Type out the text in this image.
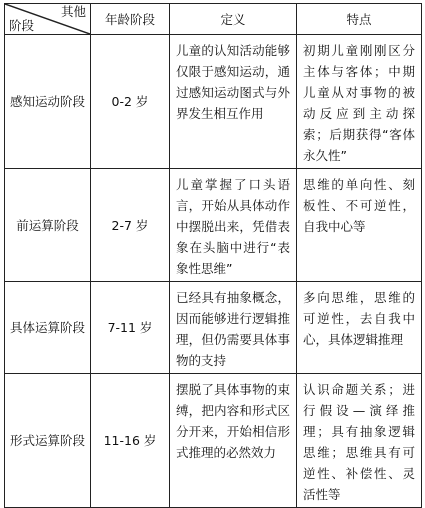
其他
阶段	年龄阶段	定义	特点
感知运动阶段	0-2 岁	儿童的认知活动能够仅限于感知运动，通过感知运动图式与外界发生相互作用	初期儿童刚刚区分主体与客体；中期儿童从对事物的被动反应到主动探索；后期获得“客体永久性”
前运算阶段	2-7 岁	儿童掌握了口头语言，开始从具体动作中摆脱出来，凭借表象在头脑中进行“表象性思维”	思维的单向性、刻板性、不可逆性，自我中心等
具体运算阶段	7-11 岁	已经具有抽象概念，因而能够进行逻辑推理，但仍需要具体事物的支持	多向思维，思维的可逆性，去自我中心，具体逻辑推理
形式运算阶段	11-16 岁	摆脱了具体事物的束缚，把内容和形式区分开来，开始相信形式推理的必然效力	认识命题关系；进行假设—演绎推理；具有抽象逻辑思维；思维具有可逆性、补偿性、灵活性等
